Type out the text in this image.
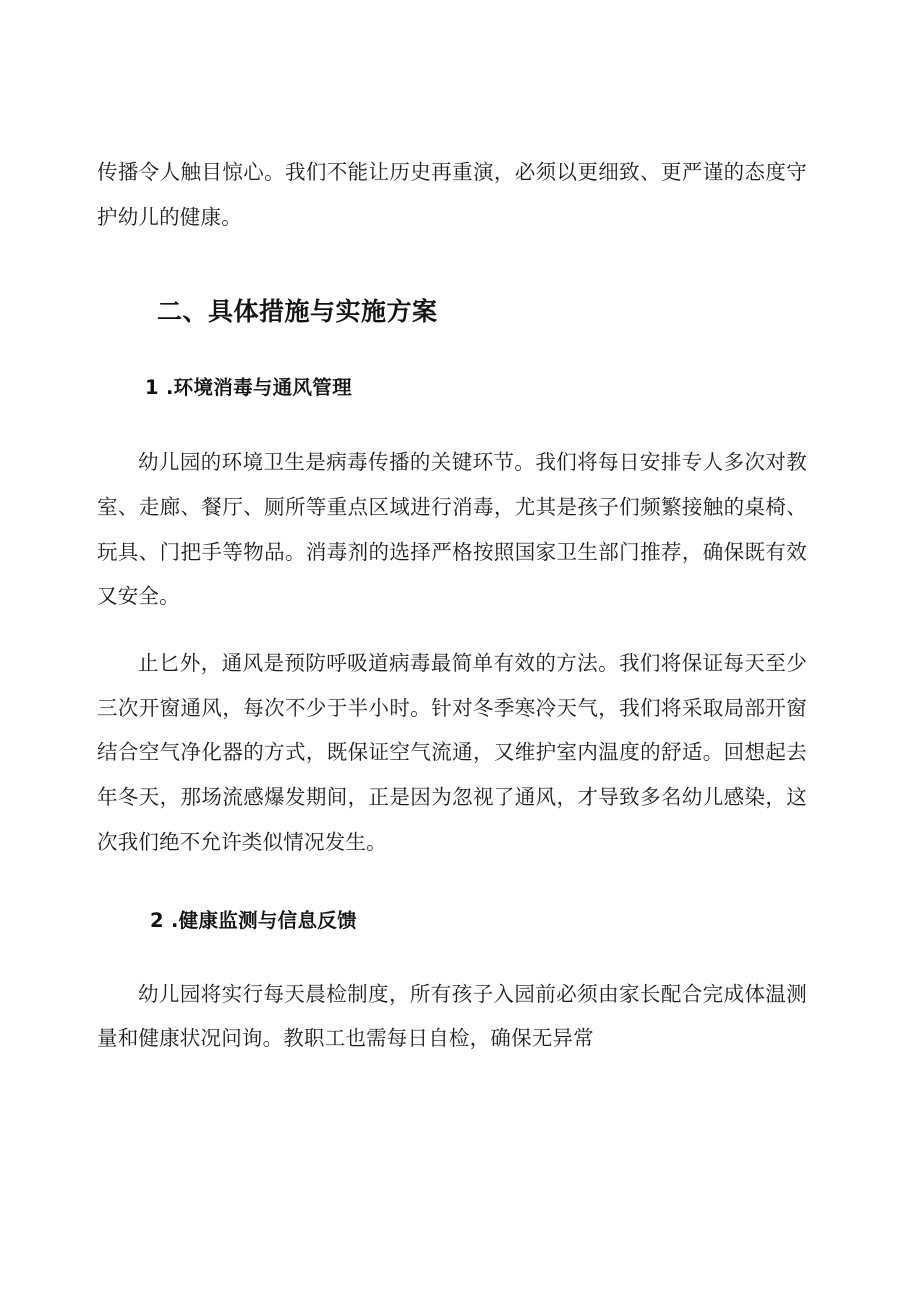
传播令人触目惊心。我们不能让历史再重演，必须以更细致、更严谨的态度守护幼儿的健康。

二、具体措施与实施方案
1 .环境消毒与通风管理

幼儿园的环境卫生是病毒传播的关键环节。我们将每日安排专人多次对教室、走廊、餐厅、厕所等重点区域进行消毒，尤其是孩子们频繁接触的桌椅、玩具、门把手等物品。消毒剂的选择严格按照国家卫生部门推荐，确保既有效又安全。

止匕外，通风是预防呼吸道病毒最简单有效的方法。我们将保证每天至少三次开窗通风，每次不少于半小时。针对冬季寒冷天气，我们将采取局部开窗结合空气净化器的方式，既保证空气流通，又维护室内温度的舒适。回想起去年冬天，那场流感爆发期间，正是因为忽视了通风，才导致多名幼儿感染，这次我们绝不允许类似情况发生。

2 .健康监测与信息反馈

幼儿园将实行每天晨检制度，所有孩子入园前必须由家长配合完成体温测量和健康状况问询。教职工也需每日自检，确保无异常
